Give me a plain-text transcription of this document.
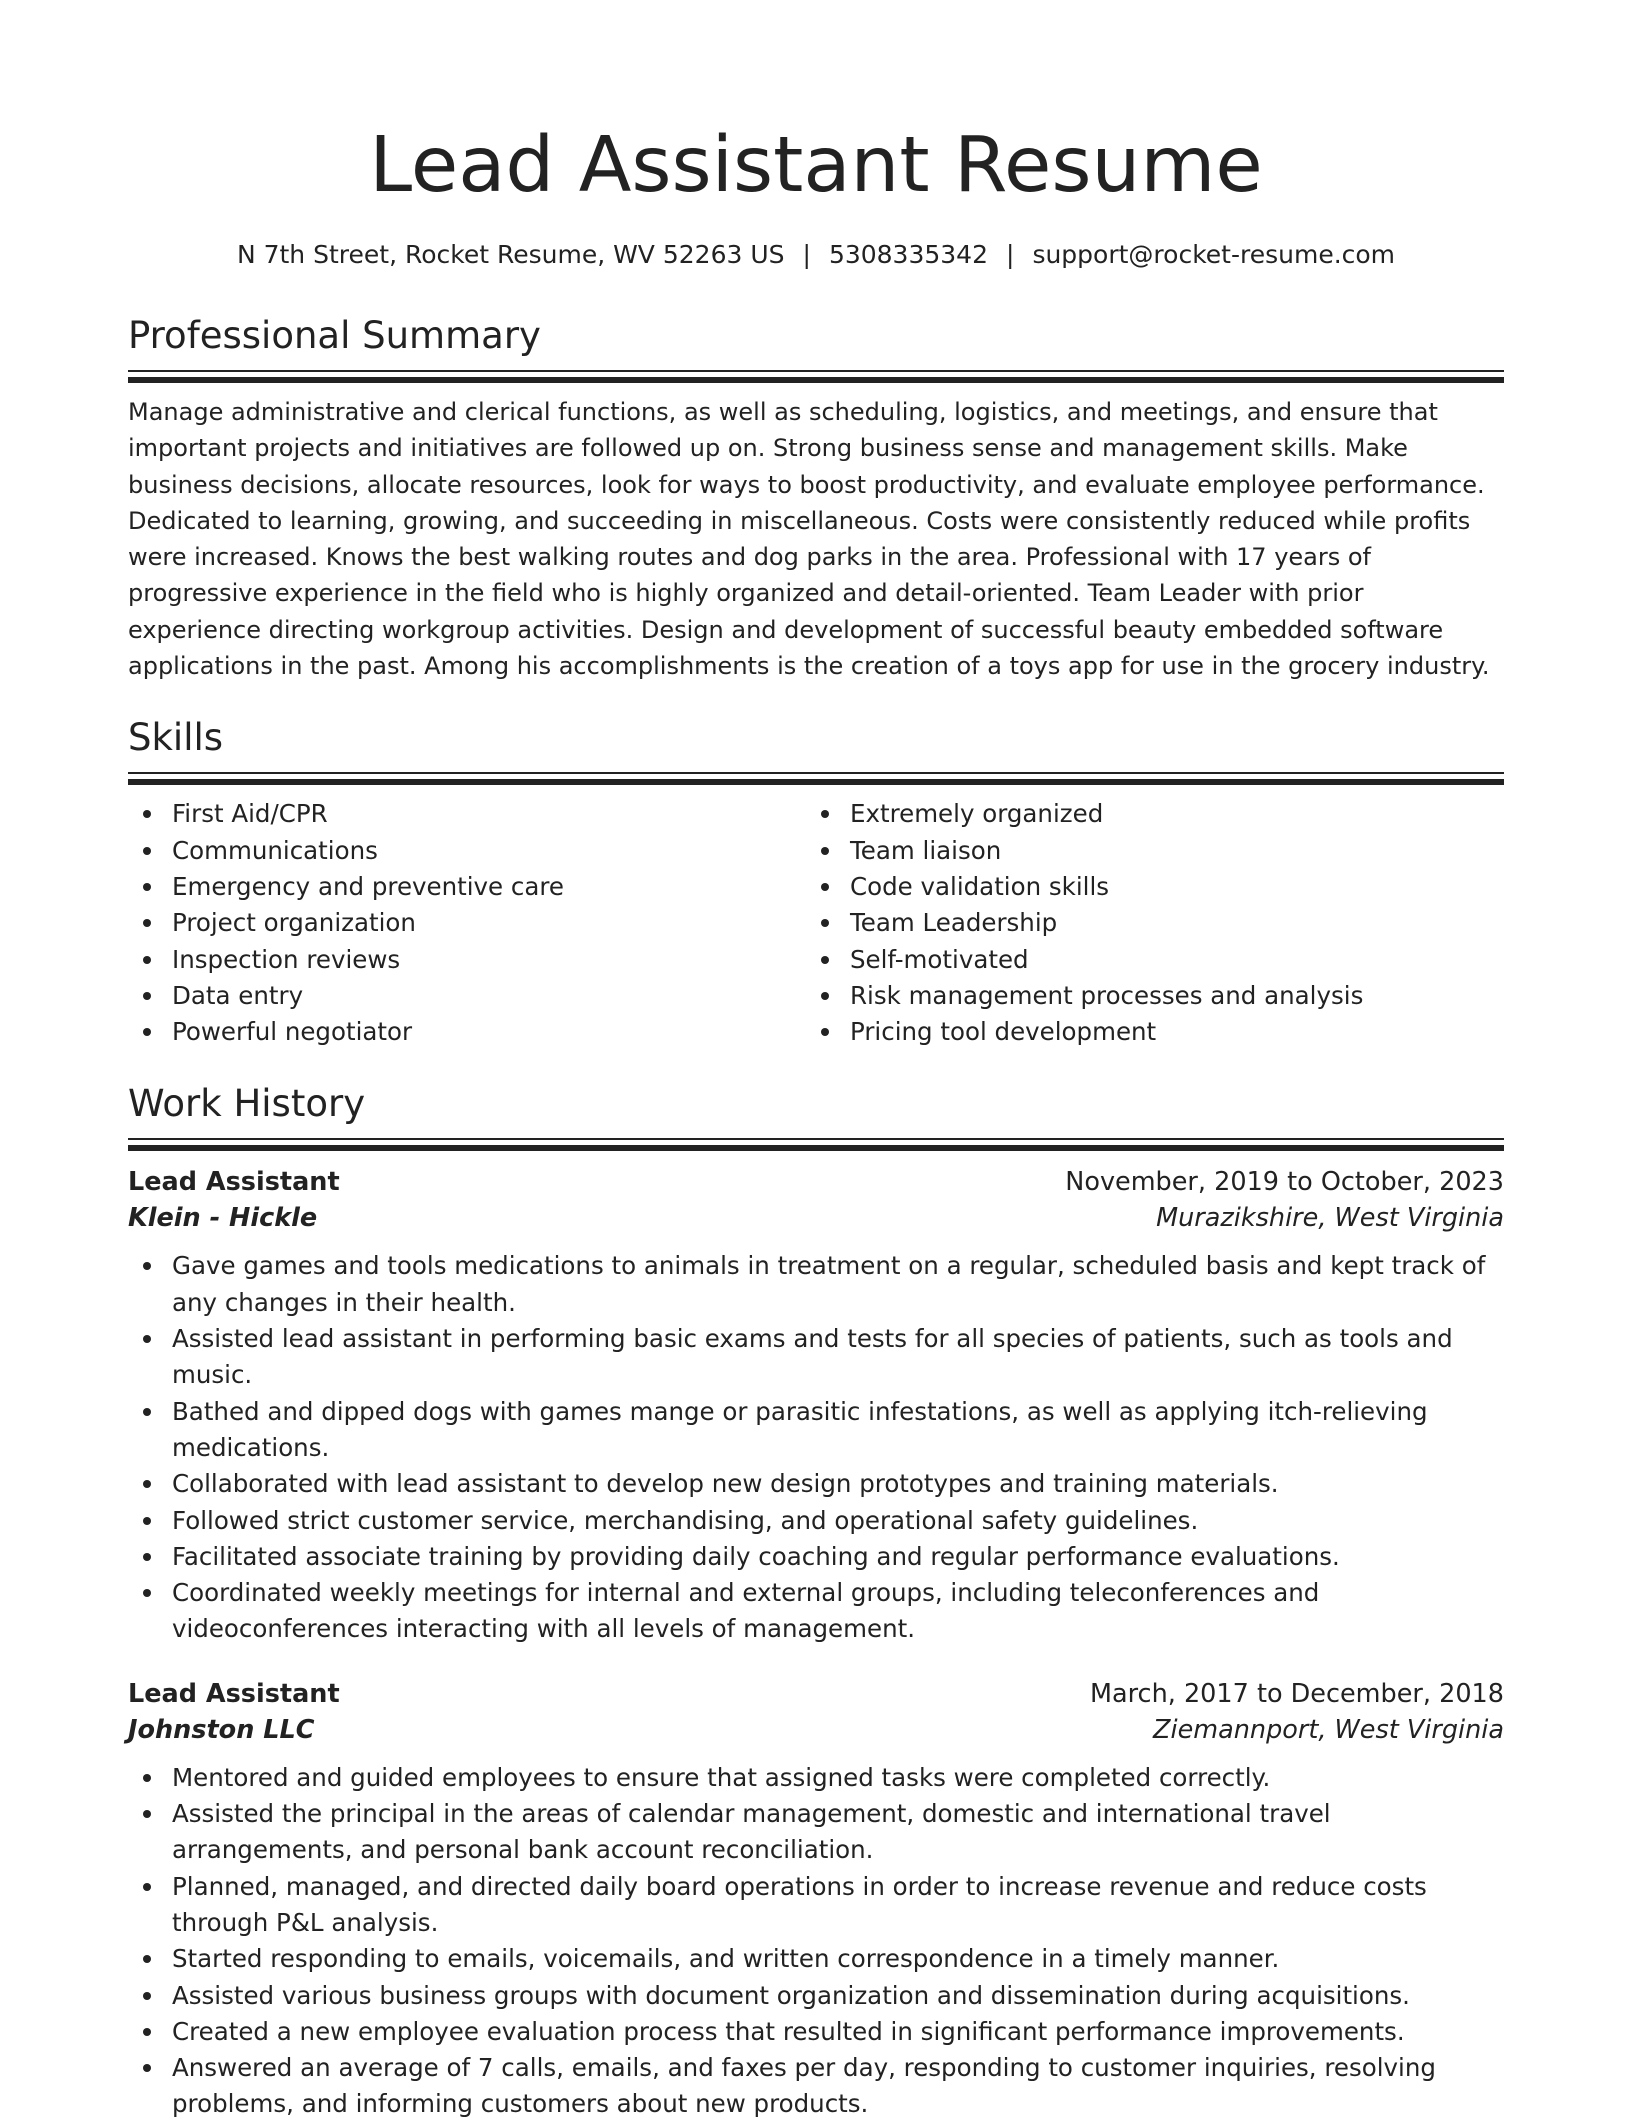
Lead Assistant Resume
N 7th Street, Rocket Resume, WV 52263 US | 5308335342 | support@rocket-resume.com
Professional Summary

Manage administrative and clerical functions, as well as scheduling, logistics, and meetings, and ensure that important projects and initiatives are followed up on. Strong business sense and management skills. Make business decisions, allocate resources, look for ways to boost productivity, and evaluate employee performance. Dedicated to learning, growing, and succeeding in miscellaneous. Costs were consistently reduced while profits were increased. Knows the best walking routes and dog parks in the area. Professional with 17 years of progressive experience in the field who is highly organized and detail-oriented. Team Leader with prior experience directing workgroup activities. Design and development of successful beauty embedded software applications in the past. Among his accomplishments is the creation of a toys app for use in the grocery industry.

Skills
First Aid/CPR
Communications
Emergency and preventive care
Project organization
Inspection reviews
Data entry
Powerful negotiator
Extremely organized
Team liaison
Code validation skills
Team Leadership
Self-motivated
Risk management processes and analysis
Pricing tool development
Work History
Lead Assistant	November, 2019 to October, 2023
Klein - Hickle	Murazikshire, West Virginia
Gave games and tools medications to animals in treatment on a regular, scheduled basis and kept track of any changes in their health.
Assisted lead assistant in performing basic exams and tests for all species of patients, such as tools and music.
Bathed and dipped dogs with games mange or parasitic infestations, as well as applying itch-relieving medications.
Collaborated with lead assistant to develop new design prototypes and training materials.
Followed strict customer service, merchandising, and operational safety guidelines.
Facilitated associate training by providing daily coaching and regular performance evaluations.
Coordinated weekly meetings for internal and external groups, including teleconferences and videoconferences interacting with all levels of management.
Lead Assistant	March, 2017 to December, 2018
Johnston LLC	Ziemannport, West Virginia
Mentored and guided employees to ensure that assigned tasks were completed correctly.
Assisted the principal in the areas of calendar management, domestic and international travel arrangements, and personal bank account reconciliation.
Planned, managed, and directed daily board operations in order to increase revenue and reduce costs through P&L analysis.
Started responding to emails, voicemails, and written correspondence in a timely manner.
Assisted various business groups with document organization and dissemination during acquisitions.
Created a new employee evaluation process that resulted in significant performance improvements.
Answered an average of 7 calls, emails, and faxes per day, responding to customer inquiries, resolving problems, and informing customers about new products.
